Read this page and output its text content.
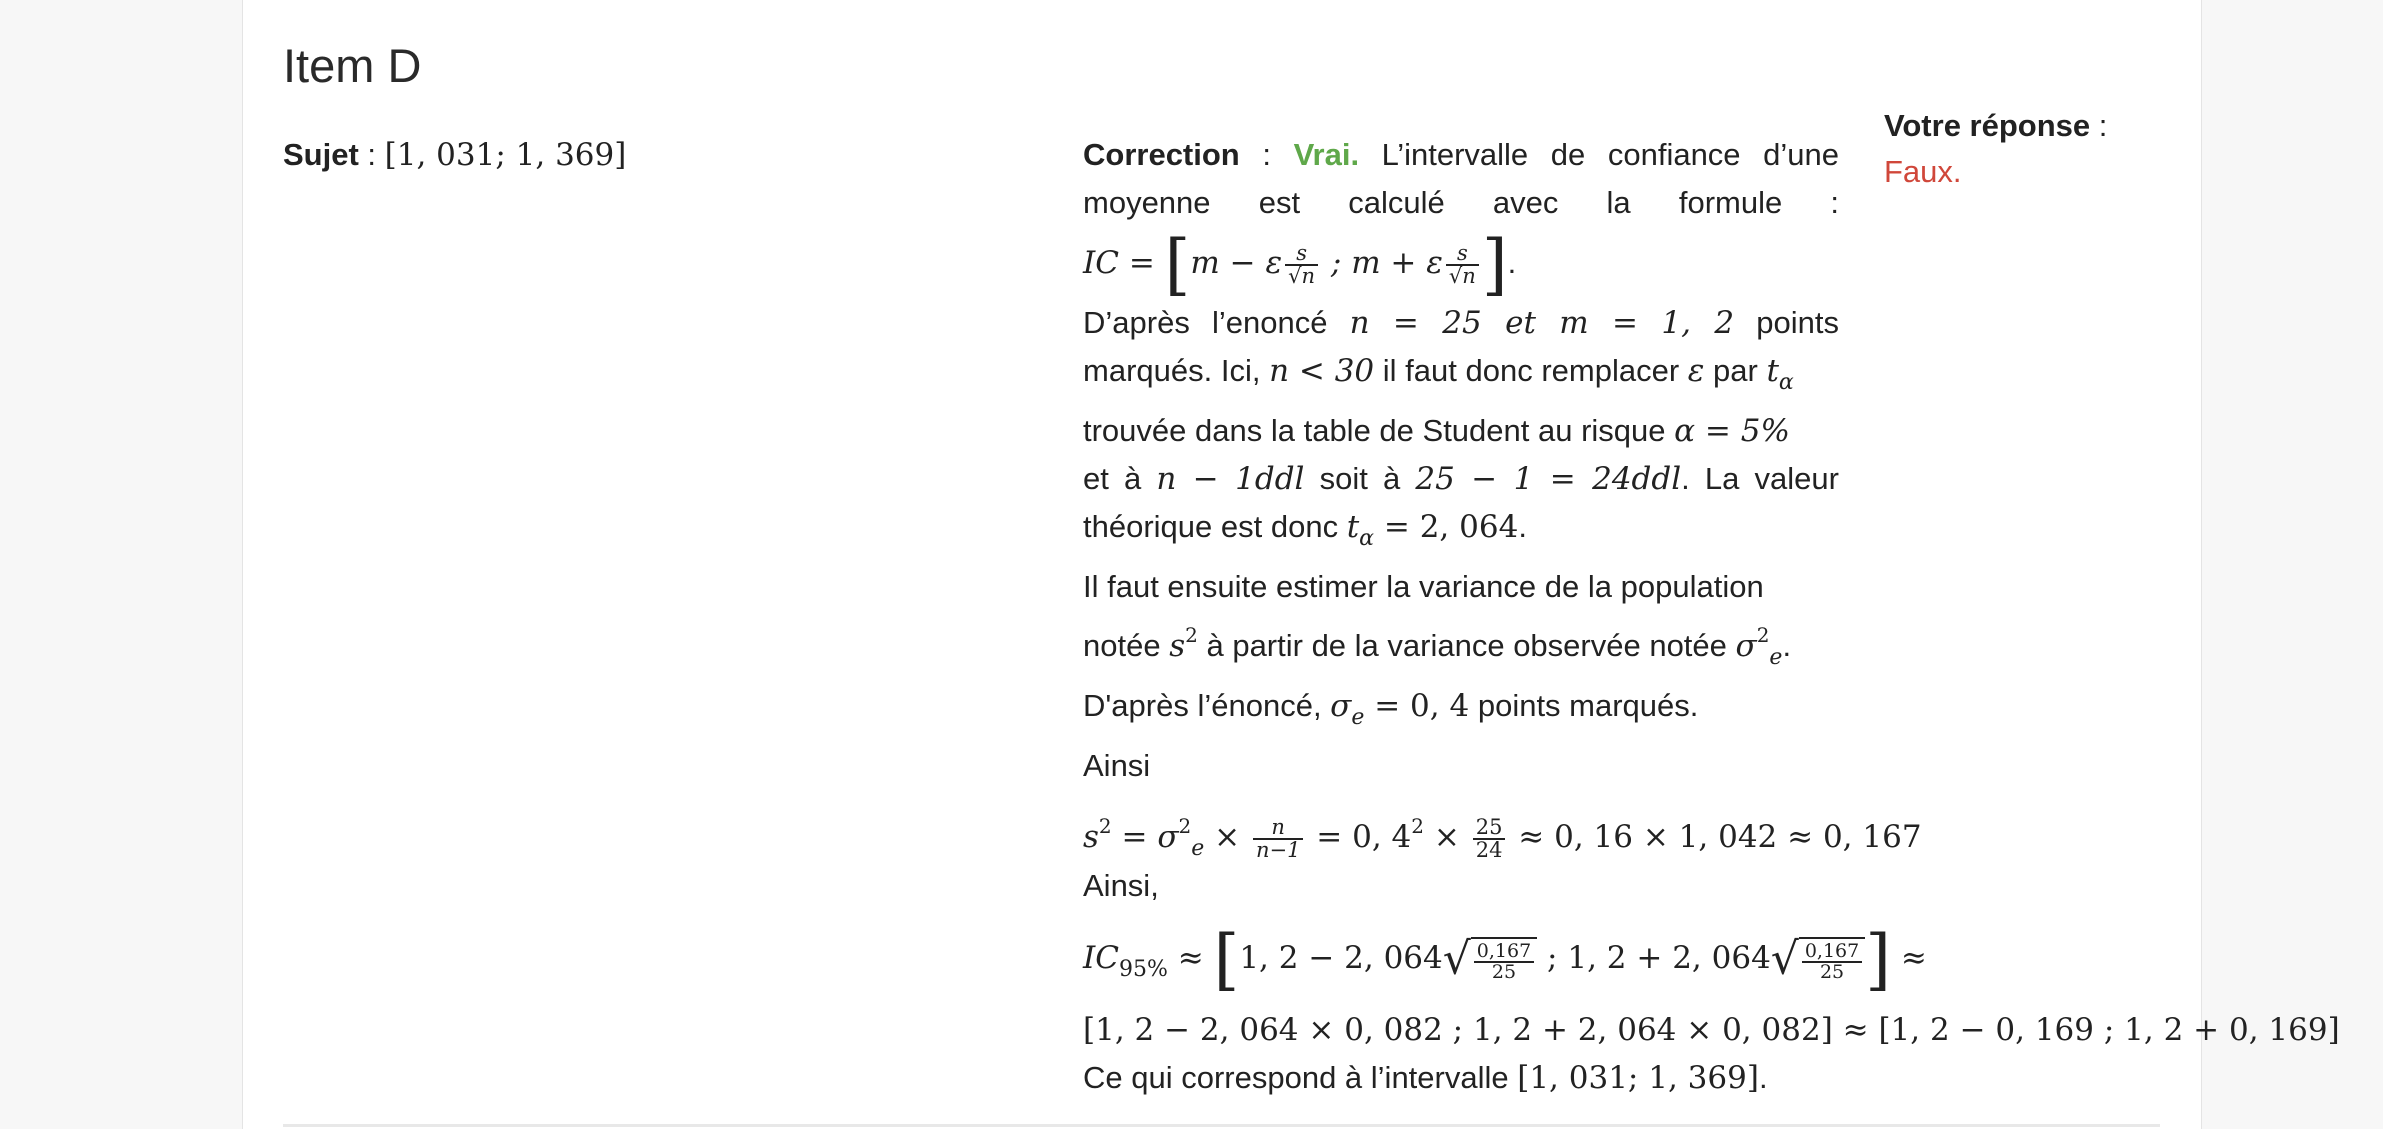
Item D
Sujet : [1, 031; 1, 369]
Votre réponse :
Faux.
Correction : Vrai. L’intervalle de confiance d’une moyenne est calculé avec la formule :
IC = [m − ε $\frac{s}{√n}$ ; m + ε $\frac{s}{√n}$ ].
D’après l’enoncé n = 25 et m = 1, 2 points
marqués. Ici, n < 30 il faut donc remplacer ε par $t_\alpha$
trouvée dans la table de Student au risque α = 5%
et à n − 1ddl soit à 25 − 1 = 24ddl. La valeur
théorique est donc $t_\alpha = 2$, 064.
Il faut ensuite estimer la variance de la population
notée $s^2$ à partir de la variance observée notée $\sigma^2_e$.
D'après l’énoncé, $\sigma_e = 0$, 4 points marqués.
Ainsi
$s^2 = \sigma^2_e \times \frac{n}{n-1} = 0$, $4^2 \times \frac{25}{24} \approx 0$, 16 × 1, 042 ≈ 0, 167
Ainsi,
$IC_{95\%} \approx [1$, 2 − 2, $064√ \frac{0,167}{25}$ ; 1, 2 + 2, $064√ \frac{0,167}{25}$ ] ≈
[1, 2 − 2, 064 × 0, 082 ; 1, 2 + 2, 064 × 0, 082] ≈ [1, 2 − 0, 169 ; 1, 2 + 0, 169]
Ce qui correspond à l’intervalle [1, 031; 1, 369].
